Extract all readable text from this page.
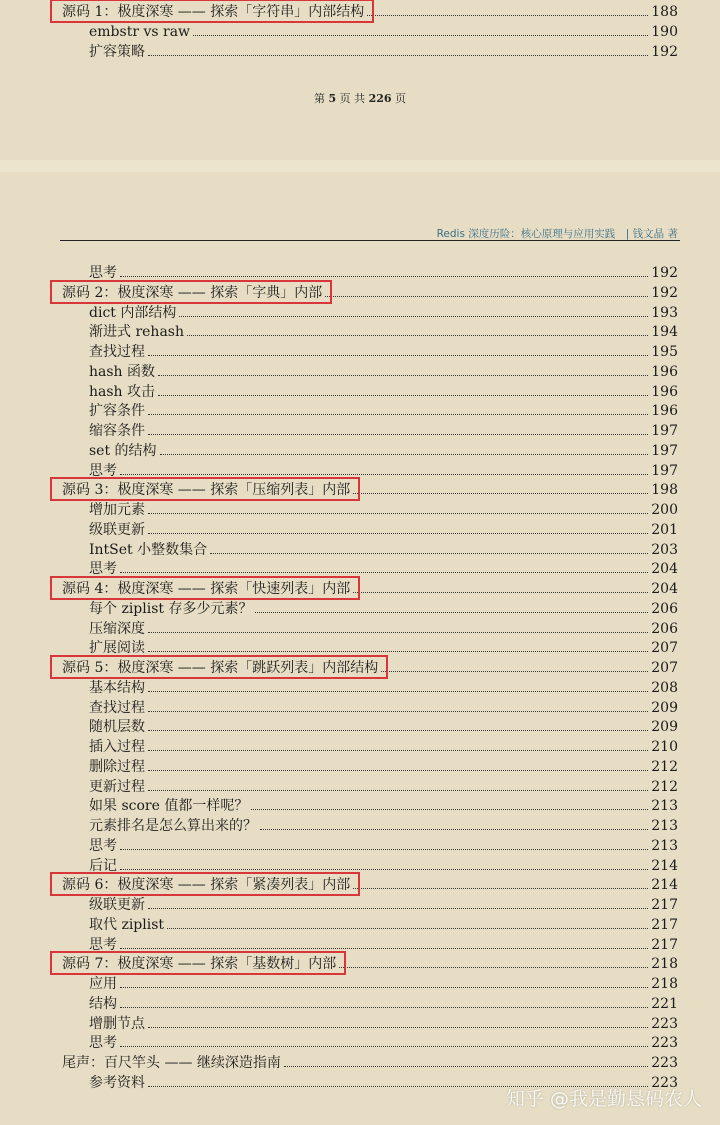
源码 1：极度深寒 —— 探索「字符串」内部结构	188
embstr vs raw	190
扩容策略	192
第 5 页 共 226 页
Redis 深度历险：核心原理与应用实践　| 钱文晶 著
思考	192
源码 2：极度深寒 —— 探索「字典」内部	192
dict 内部结构	193
渐进式 rehash	194
查找过程	195
hash 函数	196
hash 攻击	196
扩容条件	196
缩容条件	197
set 的结构	197
思考	197
源码 3：极度深寒 —— 探索「压缩列表」内部	198
增加元素	200
级联更新	201
IntSet 小整数集合	203
思考	204
源码 4：极度深寒 —— 探索「快速列表」内部	204
每个 ziplist 存多少元素？	206
压缩深度	206
扩展阅读	207
源码 5：极度深寒 —— 探索「跳跃列表」内部结构	207
基本结构	208
查找过程	209
随机层数	209
插入过程	210
删除过程	212
更新过程	212
如果 score 值都一样呢？	213
元素排名是怎么算出来的？	213
思考	213
后记	214
源码 6：极度深寒 —— 探索「紧凑列表」内部	214
级联更新	217
取代 ziplist	217
思考	217
源码 7：极度深寒 —— 探索「基数树」内部	218
应用	218
结构	221
增删节点	223
思考	223
尾声：百尺竿头 —— 继续深造指南	223
参考资料	223
知乎 @我是勤恳码农人
